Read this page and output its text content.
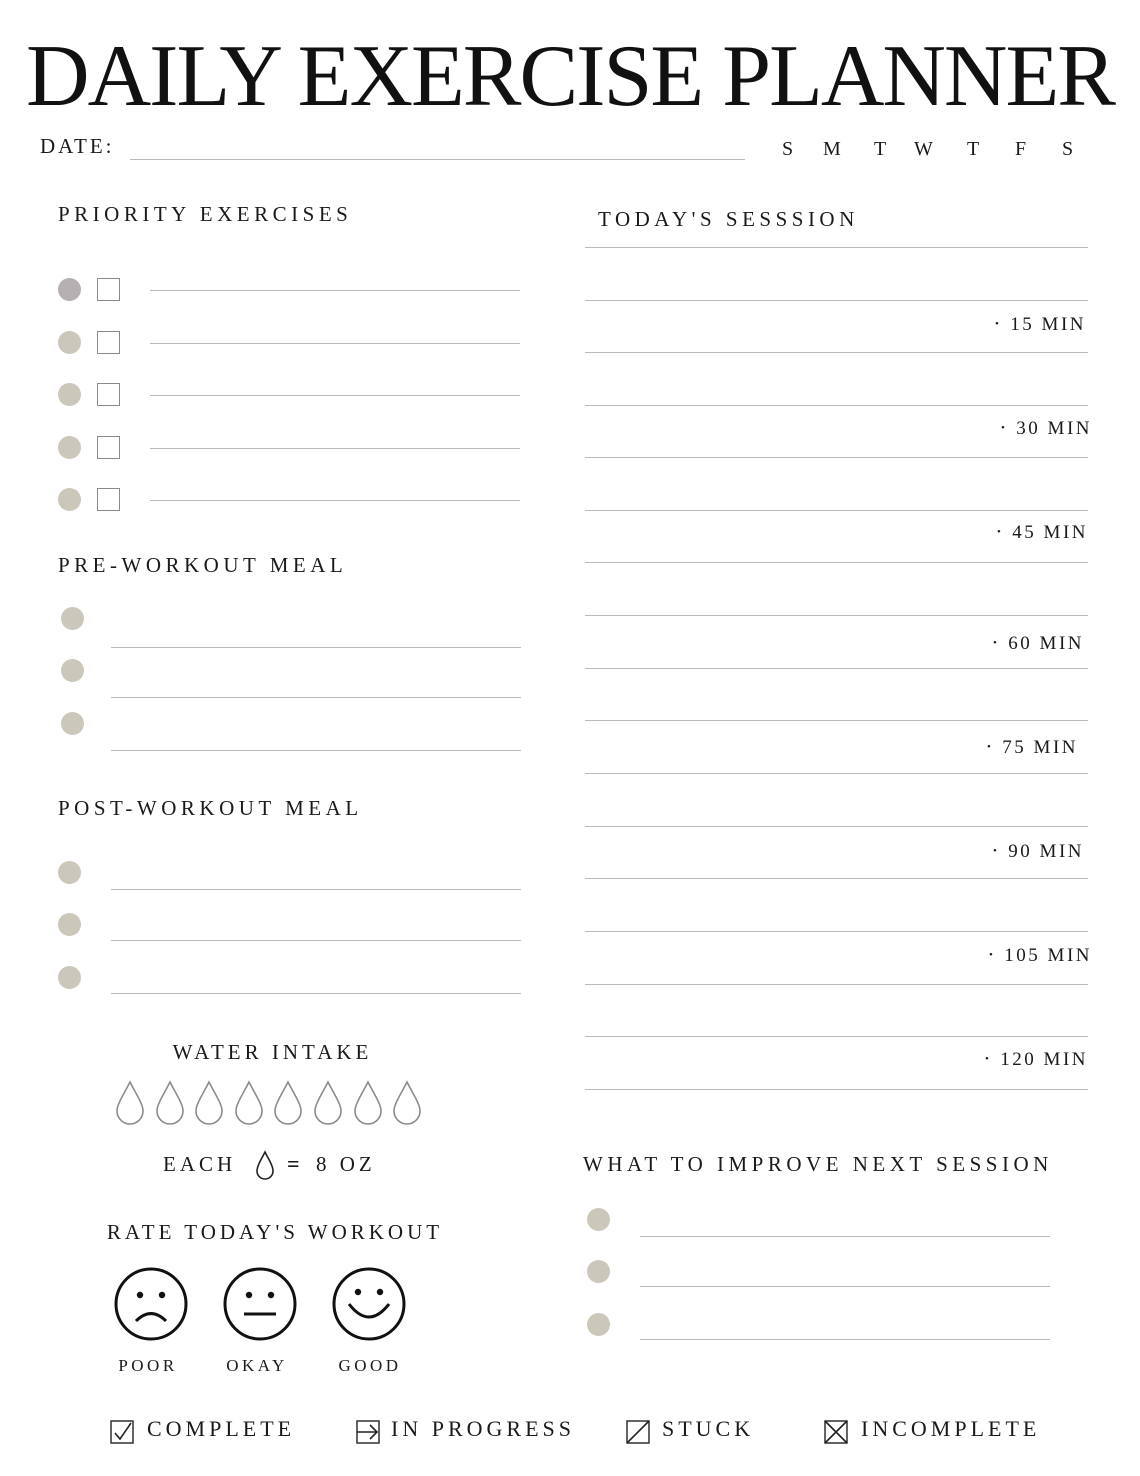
DAILY EXERCISE PLANNER
DATE:	S M T W T F S
PRIORITY EXERCISES
PRE-WORKOUT MEAL
POST-WORKOUT MEAL
WATER INTAKE
EACH = 8 OZ
RATE TODAY'S WORKOUT
POOR	OKAY	GOOD
TODAY'S SESSSION
• 15 MIN
• 30 MIN
• 45 MIN
• 60 MIN
• 75 MIN
• 90 MIN
• 105 MIN
• 120 MIN
WHAT TO IMPROVE NEXT SESSION
COMPLETE	IN PROGRESS	STUCK	INCOMPLETE
